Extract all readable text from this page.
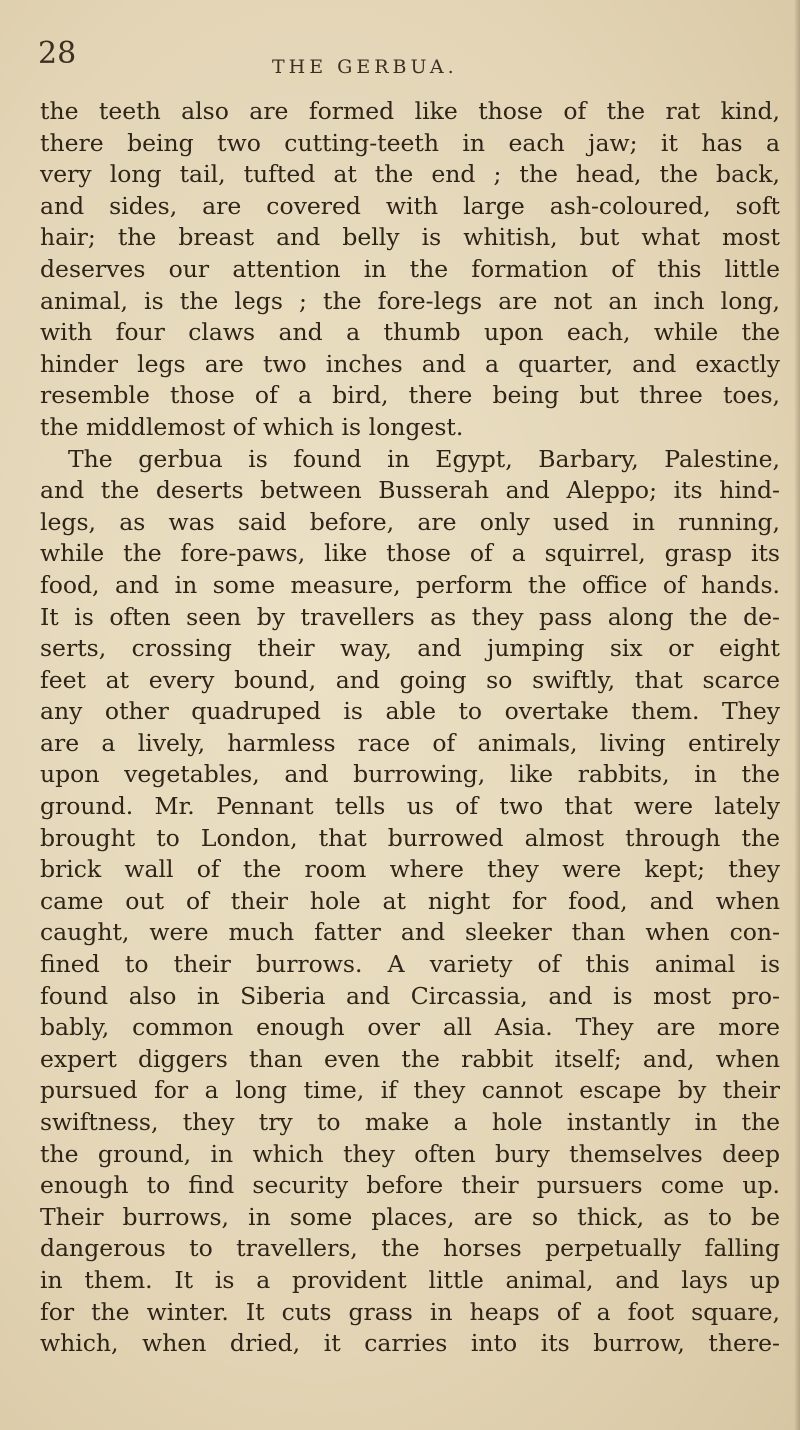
28	THE GERBUA.
the teeth also are formed like those of the rat kind,
there being two cutting-teeth in each jaw; it has a
very long tail, tufted at the end ; the head, the back,
and sides, are covered with large ash-coloured, soft
hair; the breast and belly is whitish, but what most
deserves our attention in the formation of this little
animal, is the legs ; the fore-legs are not an inch long,
with four claws and a thumb upon each, while the
hinder legs are two inches and a quarter, and exactly
resemble those of a bird, there being but three toes,
the middlemost of which is longest.
The gerbua is found in Egypt, Barbary, Palestine,
and the deserts between Busserah and Aleppo; its hind-
legs, as was said before, are only used in running,
while the fore-paws, like those of a squirrel, grasp its
food, and in some measure, perform the office of hands.
It is often seen by travellers as they pass along the de-
serts, crossing their way, and jumping six or eight
feet at every bound, and going so swiftly, that scarce
any other quadruped is able to overtake them. They
are a lively, harmless race of animals, living entirely
upon vegetables, and burrowing, like rabbits, in the
ground. Mr. Pennant tells us of two that were lately
brought to London, that burrowed almost through the
brick wall of the room where they were kept; they
came out of their hole at night for food, and when
caught, were much fatter and sleeker than when con-
fined to their burrows. A variety of this animal is
found also in Siberia and Circassia, and is most pro-
bably, common enough over all Asia. They are more
expert diggers than even the rabbit itself; and, when
pursued for a long time, if they cannot escape by their
swiftness, they try to make a hole instantly in the
the ground, in which they often bury themselves deep
enough to find security before their pursuers come up.
Their burrows, in some places, are so thick, as to be
dangerous to travellers, the horses perpetually falling
in them. It is a provident little animal, and lays up
for the winter. It cuts grass in heaps of a foot square,
which, when dried, it carries into its burrow, there-
